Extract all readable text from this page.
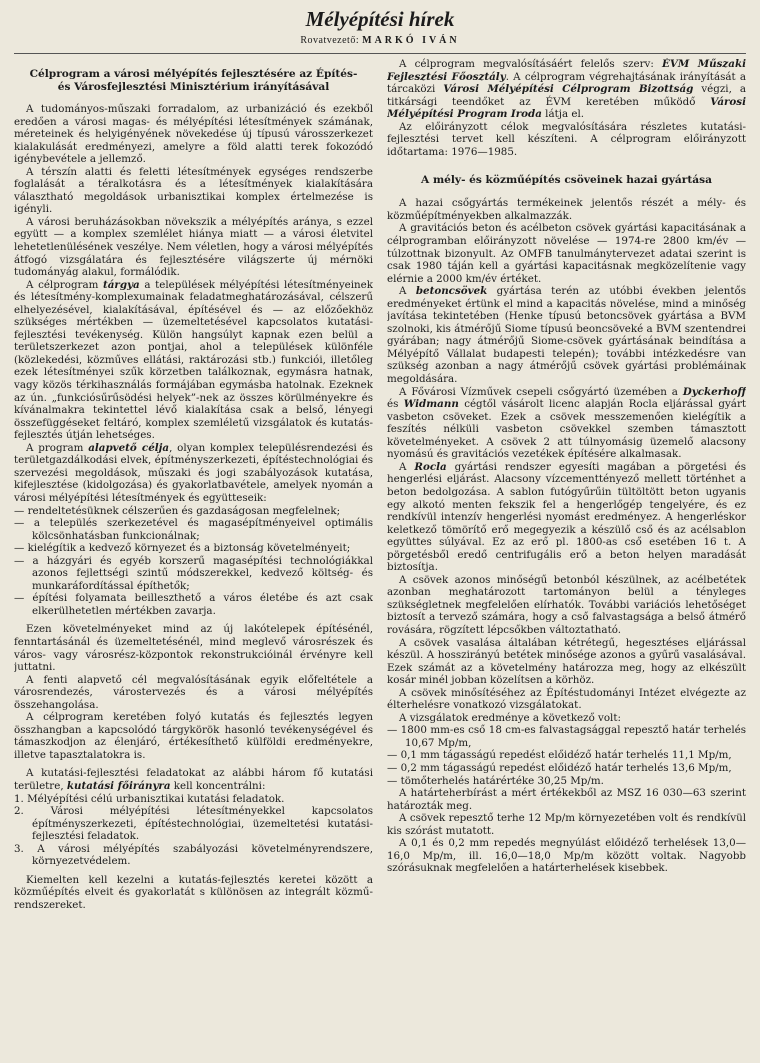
Mélyépítési hírek
Rovatvezető: MARKÓ IVÁN
Célprogram a városi mélyépítés fejlesztésére az Építés- és Városfejlesztési Minisztérium irányításával

A tudományos-műszaki forradalom, az urbanizáció és ezekből eredően a városi magas- és mélyépítési létesítmények számának, méreteinek és helyigényének növekedése új típusú városszerkezet kialakulását eredményezi, amelyre a föld alatti terek fokozódó igénybevétele a jellemző.

A térszín alatti és feletti létesítmények egységes rendszerbe foglalását a téralkotásra és a létesítmények kialakítására választható megoldások urbanisztikai komplex értelmezése is igényli.

A városi beruházásokban növekszik a mélyépítés aránya, s ezzel együtt — a komplex szemlélet hiánya miatt — a városi életvitel lehetetlenülésének veszélye. Nem véletlen, hogy a városi mélyépítés átfogó vizsgálatára és fejlesztésére világszerte új mérnöki tudományág alakul, formálódik.

A célprogram tárgya a települések mélyépítési létesítményeinek és létesítmény-komplexumainak feladatmeghatározásával, célszerű elhelyezésével, kialakításával, építésével és — az előzőekhöz szükséges mértékben — üzemeltetésével kapcsolatos kutatási-fejlesztési tevékenység. Külön hangsúlyt kapnak ezen belül a területszerkezet azon pontjai, ahol a települések különféle (közlekedési, közműves ellátási, raktározási stb.) funkciói, illetőleg ezek létesítményei szűk körzetben találkoznak, egymásra hatnak, vagy közös térkihasználás formájában egymásba hatolnak. Ezeknek az ún. „funkciósűrűsödési helyek”-nek az összes körülményekre és kívánalmakra tekintettel lévő kialakítása csak a belső, lényegi összefüggéseket feltáró, komplex szemléletű vizsgálatok és kutatás-fejlesztés útján lehetséges.

A program alapvető célja, olyan komplex településrendezési és területgazdálkodási elvek, építményszerkezeti, építéstechnológiai és szervezési megoldások, műszaki és jogi szabályozások kutatása, kifejlesztése (kidolgozása) és gyakorlatbavétele, amelyek nyomán a városi mélyépítési létesítmények és együtteseik:

— rendeltetésüknek célszerűen és gazdaságosan megfelelnek;
— a település szerkezetével és magasépítményeivel optimális kölcsönhatásban funkcionálnak;
— kielégítik a kedvező környezet és a biztonság követelményeit;
— a házgyári és egyéb korszerű magasépítési technológiákkal azonos fejlettségi szintű módszerekkel, kedvező költség- és munkaráfordítással építhetők;
— építési folyamata beilleszthető a város életébe és azt csak elkerülhetetlen mértékben zavarja.

Ezen követelményeket mind az új lakótelepek építésénél, fenntartásánál és üzemeltetésénél, mind meglevő városrészek és város- vagy városrész-központok rekonstrukcióinál érvényre kell juttatni.

A fenti alapvető cél megvalósításának egyik előfeltétele a városrendezés, várostervezés és a városi mélyépítés összehangolása.

A célprogram keretében folyó kutatás és fejlesztés legyen összhangban a kapcsolódó tárgykörök hasonló tevékenységével és támaszkodjon az élenjáró, értékesíthető külföldi eredményekre, illetve tapasztalatokra is.

A kutatási-fejlesztési feladatokat az alábbi három fő kutatási területre, kutatási főirányra kell koncentrálni:

1. Mélyépítési célú urbanisztikai kutatási feladatok.
2. Városi mélyépítési létesítményekkel kapcsolatos építményszerkezeti, építéstechnológiai, üzemeltetési kutatási-fejlesztési feladatok.
3. A városi mélyépítés szabályozási követelményrendszere, környezetvédelem.

Kiemelten kell kezelni a kutatás-fejlesztés keretei között a közműépítés elveit és gyakorlatát s különösen az integrált közmű-rendszereket.

A célprogram megvalósításáért felelős szerv: ÉVM Műszaki Fejlesztési Főosztály. A célprogram végrehajtásának irányítását a tárcaközi Városi Mélyépítési Célprogram Bizottság végzi, a titkársági teendőket az ÉVM keretében működő Városi Mélyépítési Program Iroda látja el.

Az előirányzott célok megvalósítására részletes kutatási-fejlesztési tervet kell készíteni. A célprogram előirányzott időtartama: 1976—1985.

A mély- és közműépítés csöveinek hazai gyártása

A hazai csőgyártás termékeinek jelentős részét a mély- és közműépítményekben alkalmazzák.

A gravitációs beton és acélbeton csövek gyártási kapacitásának a célprogramban előirányzott növelése — 1974-re 2800 km/év — túlzottnak bizonyult. Az OMFB tanulmánytervezet adatai szerint is csak 1980 táján kell a gyártási kapacitásnak megközelítenie vagy elérnie a 2000 km/év értéket.

A betoncsövek gyártása terén az utóbbi években jelentős eredményeket értünk el mind a kapacitás növelése, mind a minőség javítása tekintetében (Henke típusú betoncsövek gyártása a BVM szolnoki, kis átmérőjű Siome típusú beoncsöveké a BVM szentendrei gyárában; nagy átmérőjű Siome-csövek gyártásának beindítása a Mélyépítő Vállalat budapesti telepén); további intézkedésre van szükség azonban a nagy átmérőjű csövek gyártási problémáinak megoldására.

A Fővárosi Vízművek csepeli csőgyártó üzemében a Dyckerhoff és Widmann cégtől vásárolt licenc alapján Rocla eljárással gyárt vasbeton csöveket. Ezek a csövek messzemenően kielégítik a feszítés nélküli vasbeton csövekkel szemben támasztott követelményeket. A csövek 2 att túlnyomásig üzemelő alacsony nyomású és gravitációs vezetékek építésére alkalmasak.

A Rocla gyártási rendszer egyesíti magában a pörgetési és hengerlési eljárást. Alacsony vízcementtényező mellett történhet a beton bedolgozása. A sablon futógyűrűin tültöltött beton ugyanis egy alkotó menten fekszik fel a hengerlőgép tengelyére, és ez rendkívül intenzív hengerlési nyomást eredményez. A hengerléskor keletkező tömörítő erő megegyezik a készülő cső és az acélsablon együttes súlyával. Ez az erő pl. 1800-as cső esetében 16 t. A pörgetésből eredő centrifugális erő a beton helyen maradását biztosítja.

A csövek azonos minőségű betonból készülnek, az acélbetétek azonban meghatározott tartományon belül a tényleges szükségletnek megfelelően elírhatók. További variációs lehetőséget biztosít a tervező számára, hogy a cső falvastagsága a belső átmérő rovására, rögzített lépcsőkben változtatható.

A csövek vasalása általában kétrétegű, hegesztéses eljárással készül. A hosszirányú betétek minősége azonos a gyűrű vasalásával. Ezek számát az a követelmény határozza meg, hogy az elkészült kosár minél jobban közelítsen a körhöz.

A csövek minősítéséhez az Építéstudományi Intézet elvégezte az élterhelésre vonatkozó vizsgálatokat.

A vizsgálatok eredménye a következő volt:

— 1800 mm-es cső 18 cm-es falvastagsággal repesztő határ terhelés 10,67 Mp/m,
— 0,1 mm tágasságú repedést előidéző határ terhelés 11,1 Mp/m,
— 0,2 mm tágasságú repedést előidéző határ terhelés 13,6 Mp/m,
— tömőterhelés határértéke 30,25 Mp/m.

A határteherbírást a mért értékekből az MSZ 16 030—63 szerint határozták meg.

A csövek repesztő terhe 12 Mp/m környezetében volt és rendkívül kis szórást mutatott.

A 0,1 és 0,2 mm repedés megnyúlást előidéző terhelések 13,0—16,0 Mp/m, ill. 16,0—18,0 Mp/m között voltak. Nagyobb szórásuknak megfelelően a határterhelések kisebbek.
